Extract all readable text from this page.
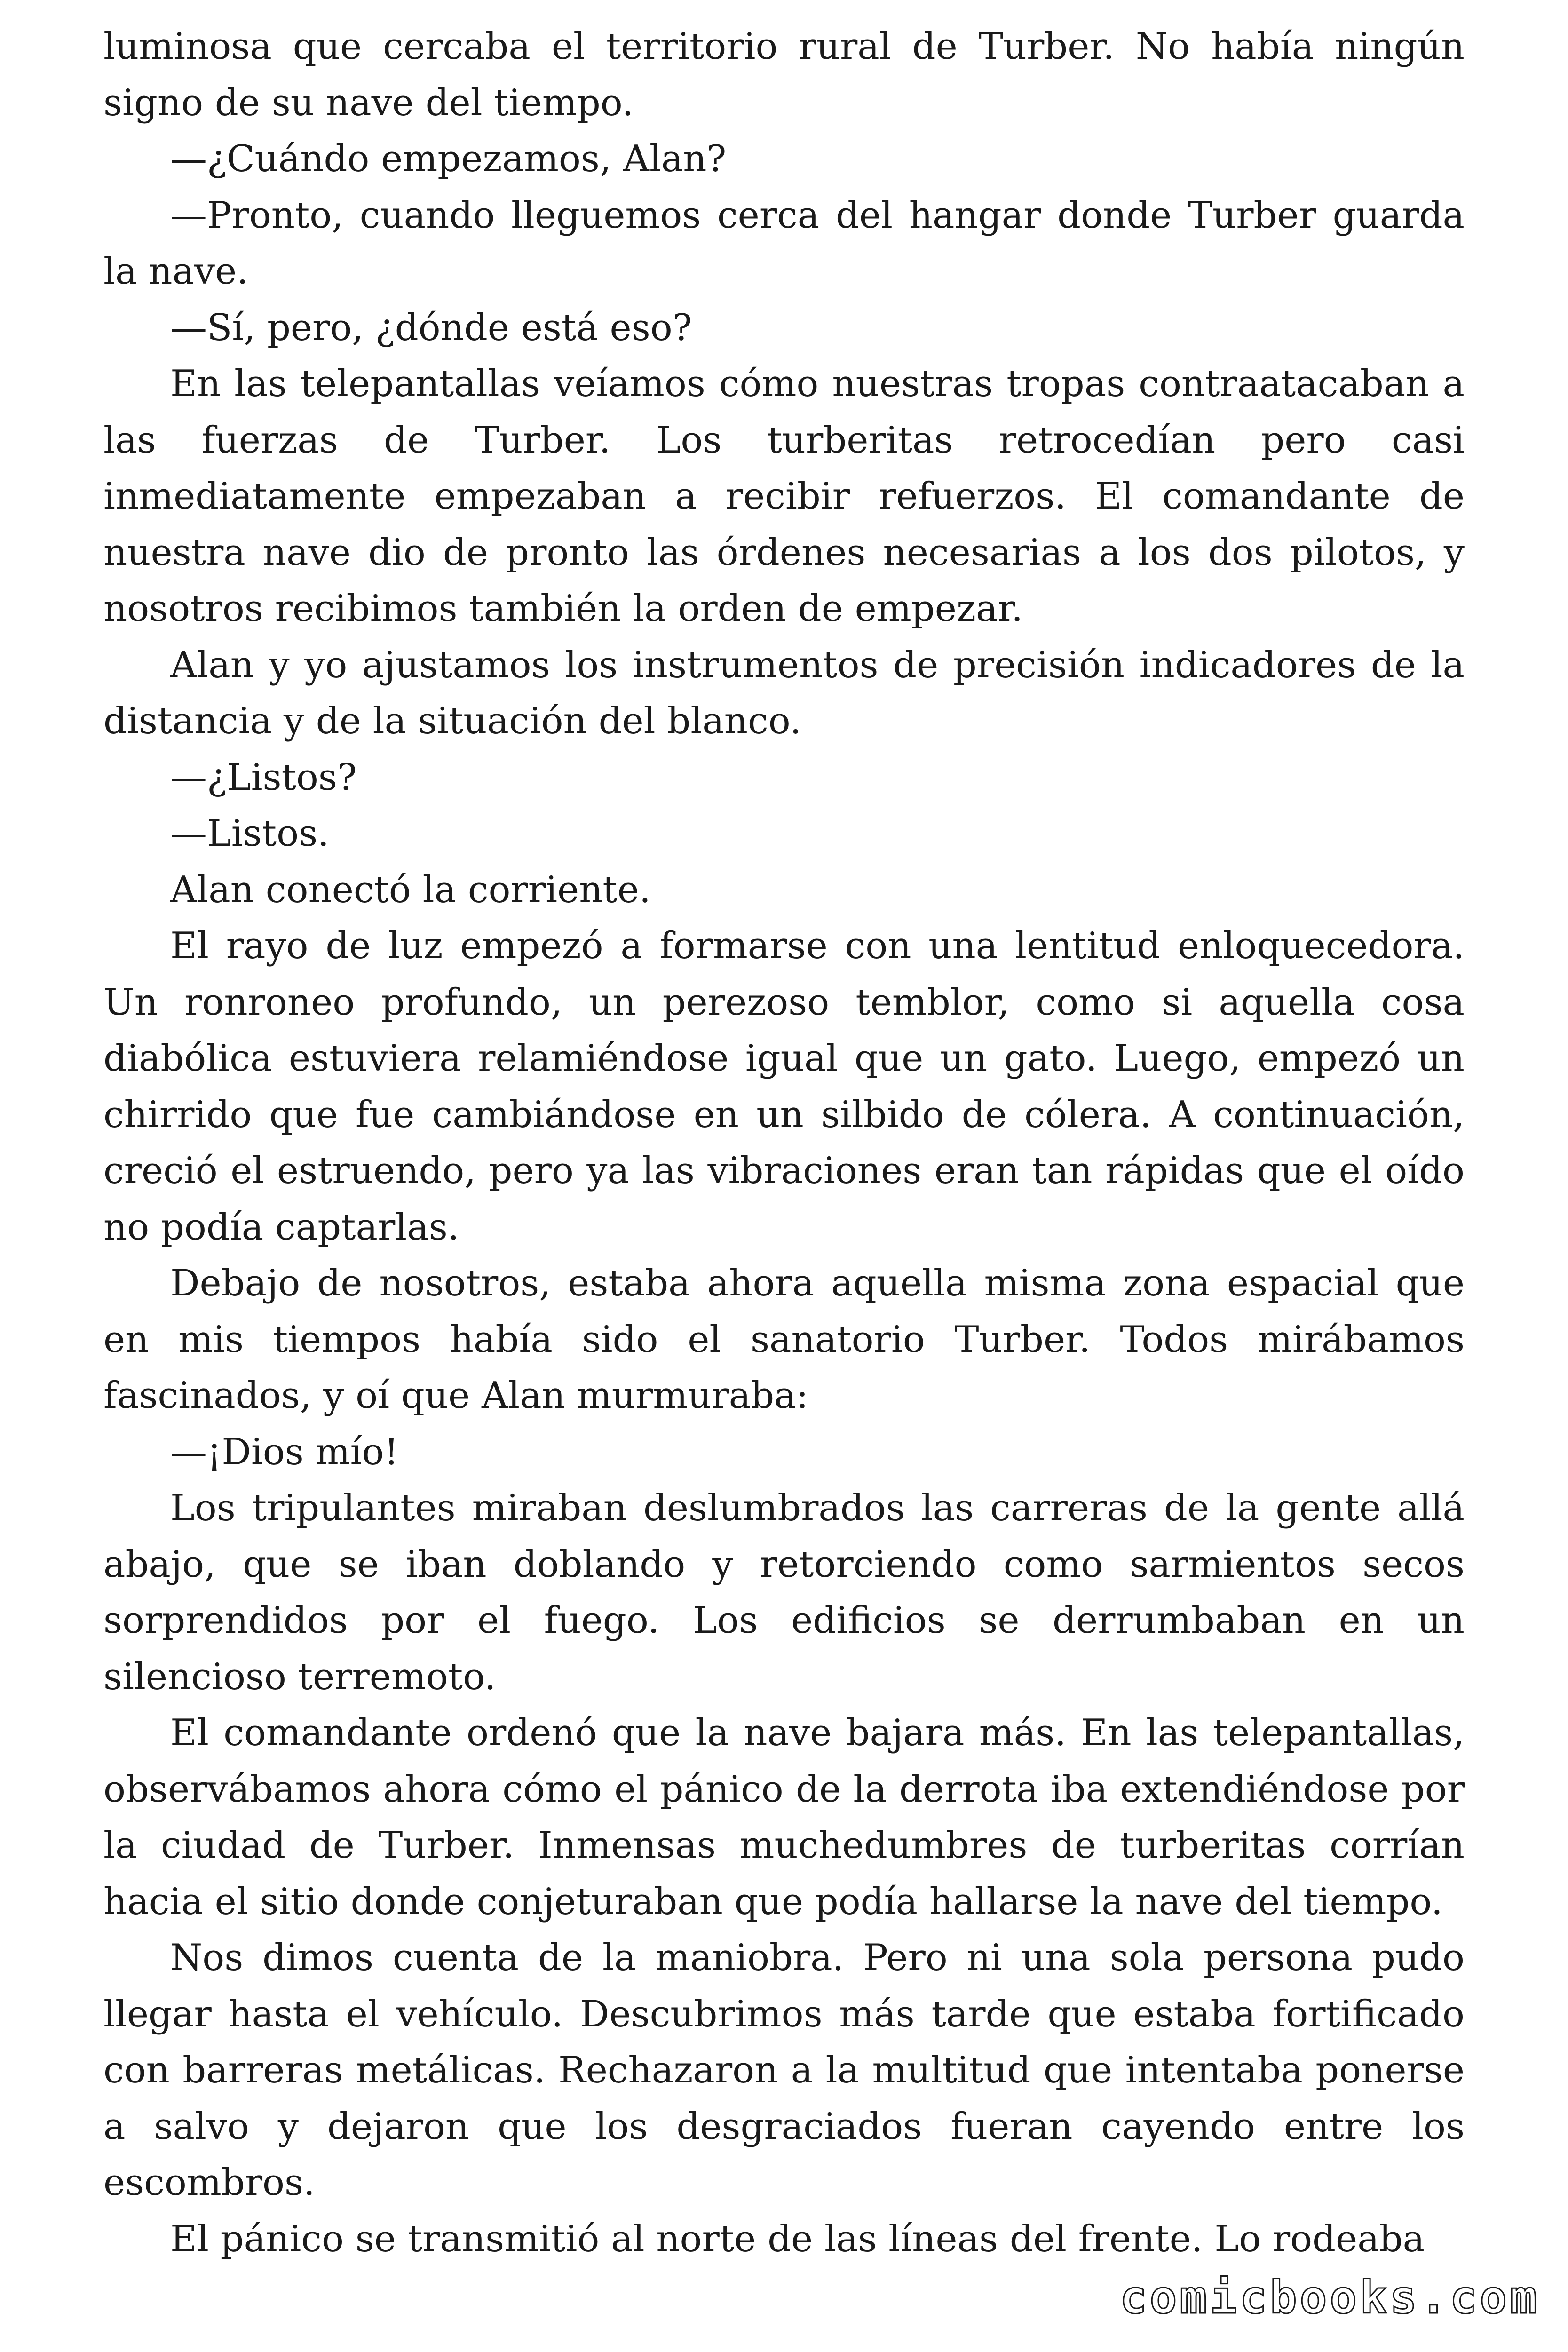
luminosa que cercaba el territorio rural de Turber. No había ningún signo de su nave del tiempo.

—¿Cuándo empezamos, Alan?

—Pronto, cuando lleguemos cerca del hangar donde Turber guarda la nave.

—Sí, pero, ¿dónde está eso?

En las telepantallas veíamos cómo nuestras tropas contraatacaban a las fuerzas de Turber. Los turberitas retrocedían pero casi inmediatamente empezaban a recibir refuerzos. El comandante de nuestra nave dio de pronto las órdenes necesarias a los dos pilotos, y nosotros recibimos también la orden de empezar.

Alan y yo ajustamos los instrumentos de precisión indicadores de la distancia y de la situación del blanco.

—¿Listos?

—Listos.

Alan conectó la corriente.

El rayo de luz empezó a formarse con una lentitud enloquecedora. Un ronroneo profundo, un perezoso temblor, como si aquella cosa diabólica estuviera relamiéndose igual que un gato. Luego, empezó un chirrido que fue cambiándose en un silbido de cólera. A continuación, creció el estruendo, pero ya las vibraciones eran tan rápidas que el oído no podía captarlas.

Debajo de nosotros, estaba ahora aquella misma zona espacial que en mis tiempos había sido el sanatorio Turber. Todos mirábamos fascinados, y oí que Alan murmuraba:

—¡Dios mío!

Los tripulantes miraban deslumbrados las carreras de la gente allá abajo, que se iban doblando y retorciendo como sarmientos secos sorprendidos por el fuego. Los edificios se derrumbaban en un silencioso terremoto.

El comandante ordenó que la nave bajara más. En las telepantallas, observábamos ahora cómo el pánico de la derrota iba extendiéndose por la ciudad de Turber. Inmensas muchedumbres de turberitas corrían hacia el sitio donde conjeturaban que podía hallarse la nave del tiempo.

Nos dimos cuenta de la maniobra. Pero ni una sola persona pudo llegar hasta el vehículo. Descubrimos más tarde que estaba fortificado con barreras metálicas. Rechazaron a la multitud que intentaba ponerse a salvo y dejaron que los desgraciados fueran cayendo entre los escombros.

El pánico se transmitió al norte de las líneas del frente. Lo rodeaba

comicbooks.com
